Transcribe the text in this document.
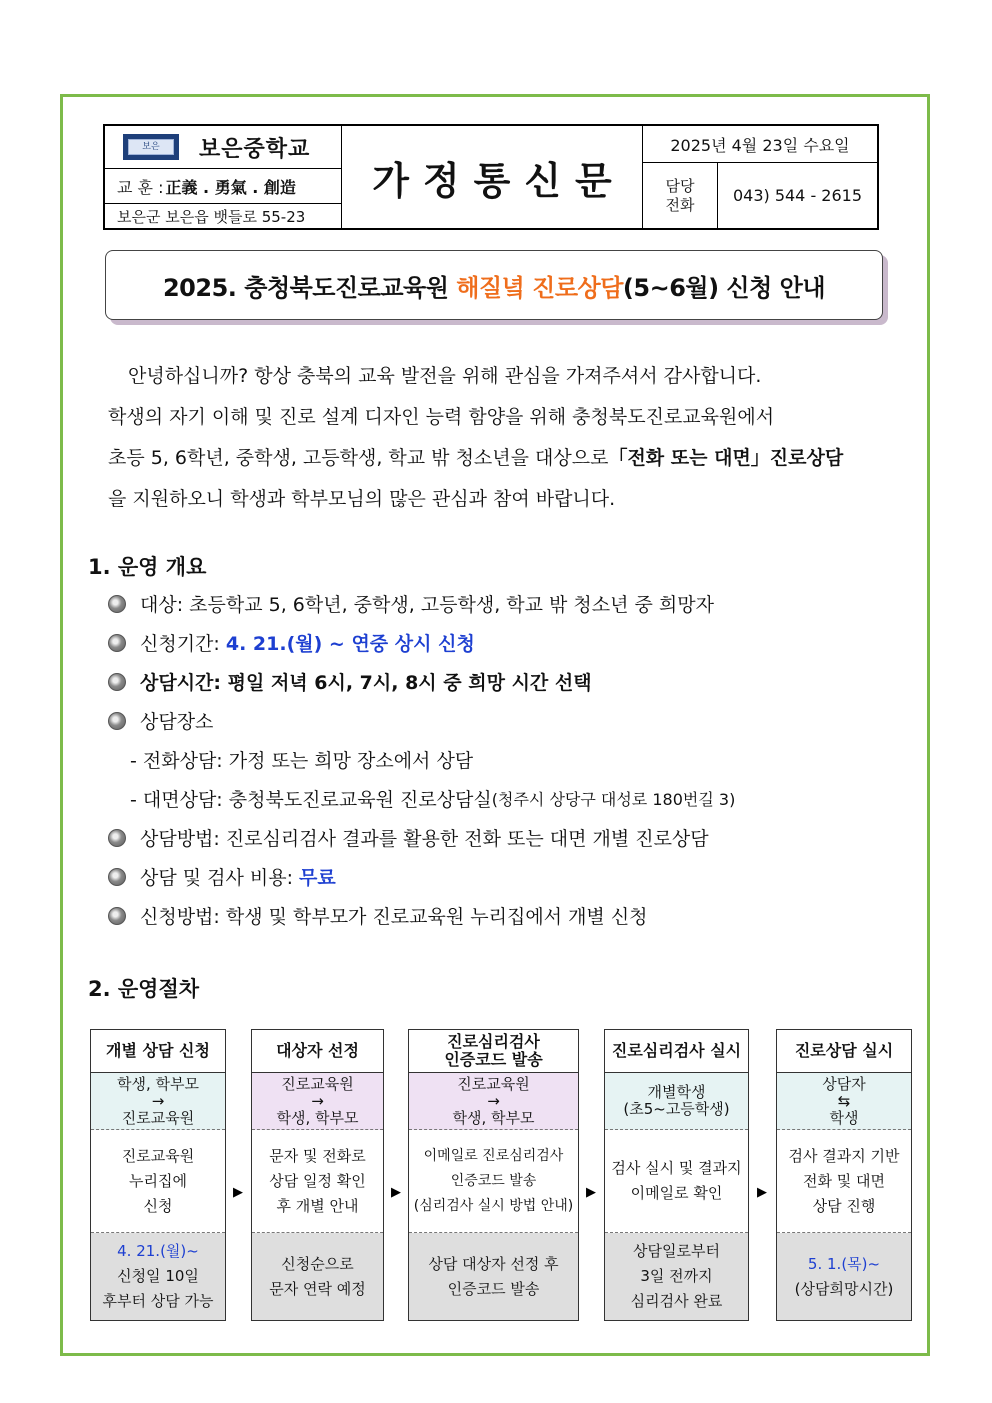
보은	보은중학교
교 훈 : 正義 . 勇氣 . 創造
보은군 보은읍 뱃들로 55-23
가정통신문
2025년 4월 23일 수요일
담당
전화	043) 544 - 2615
2025. 충청북도진로교육원 해질녘 진로상담 (5~6월) 신청 안내

안녕하십니까? 항상 충북의 교육 발전을 위해 관심을 가져주셔서 감사합니다.

학생의 자기 이해 및 진로 설계 디자인 능력 함양을 위해 충청북도진로교육원에서

초등 5, 6학년, 중학생, 고등학생, 학교 밖 청소년을 대상으로「전화 또는 대면」진로상담

을 지원하오니 학생과 학부모님의 많은 관심과 참여 바랍니다.

1. 운영 개요
대상: 초등학교 5, 6학년, 중학생, 고등학생, 학교 밖 청소년 중 희망자
신청기간: 4. 21.(월) ~ 연중 상시 신청
상담시간: 평일 저녁 6시, 7시, 8시 중 희망 시간 선택
상담장소
- 전화상담: 가정 또는 희망 장소에서 상담
- 대면상담: 충청북도진로교육원 진로상담실 (청주시 상당구 대성로 180번길 3)
상담방법: 진로심리검사 결과를 활용한 전화 또는 대면 개별 진로상담
상담 및 검사 비용: 무료
신청방법: 학생 및 학부모가 진로교육원 누리집에서 개별 신청
2. 운영절차
개별 상담 신청
학생, 학부모
→
진로교육원
진로교육원
누리집에
신청
4. 21.(월)~
신청일 10일
후부터 상담 가능
▶
대상자 선정
진로교육원
→
학생, 학부모
문자 및 전화로
상담 일정 확인
후 개별 안내
신청순으로
문자 연락 예정
▶
진로심리검사
인증코드 발송
진로교육원
→
학생, 학부모
이메일로 진로심리검사
인증코드 발송
(심리검사 실시 방법 안내)
상담 대상자 선정 후
인증코드 발송
▶
진로심리검사 실시
개별학생
(초5~고등학생)
검사 실시 및 결과지
이메일로 확인
상담일로부터
3일 전까지
심리검사 완료
▶
진로상담 실시
상담자
⇆
학생
검사 결과지 기반
전화 및 대면
상담 진행
5. 1.(목)~
(상담희망시간)
